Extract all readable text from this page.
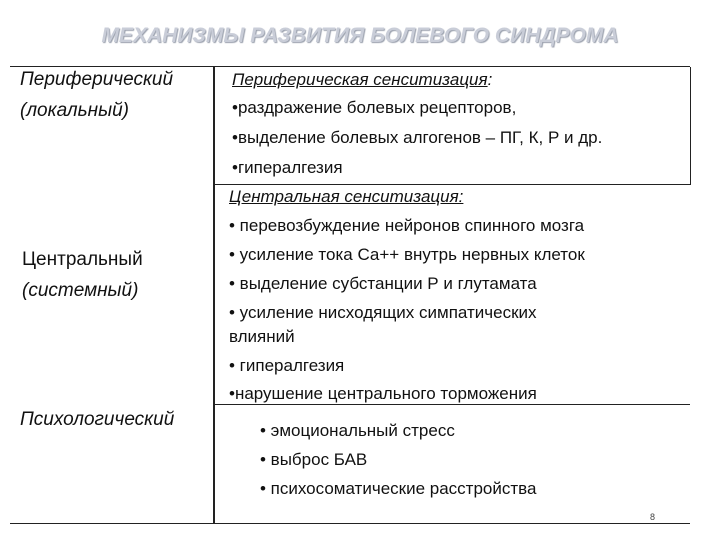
МЕХАНИЗМЫ РАЗВИТИЯ БОЛЕВОГО СИНДРОМА
Периферический
(локальный)
Периферическая сенситизация:
•раздражение болевых рецепторов,
•выделение болевых алгогенов – ПГ, К, Р и др.
•гипералгезия
Центральный
(системный)
Центральная сенситизация:
• перевозбуждение нейронов спинного мозга
• усиление тока Са++ внутрь нервных клеток
• выделение субстанции Р и глутамата
• усиление нисходящих симпатических
влияний
• гипералгезия
•нарушение центрального торможения
Психологический
• эмоциональный стресс
• выброс БАВ
• психосоматические расстройства
8
